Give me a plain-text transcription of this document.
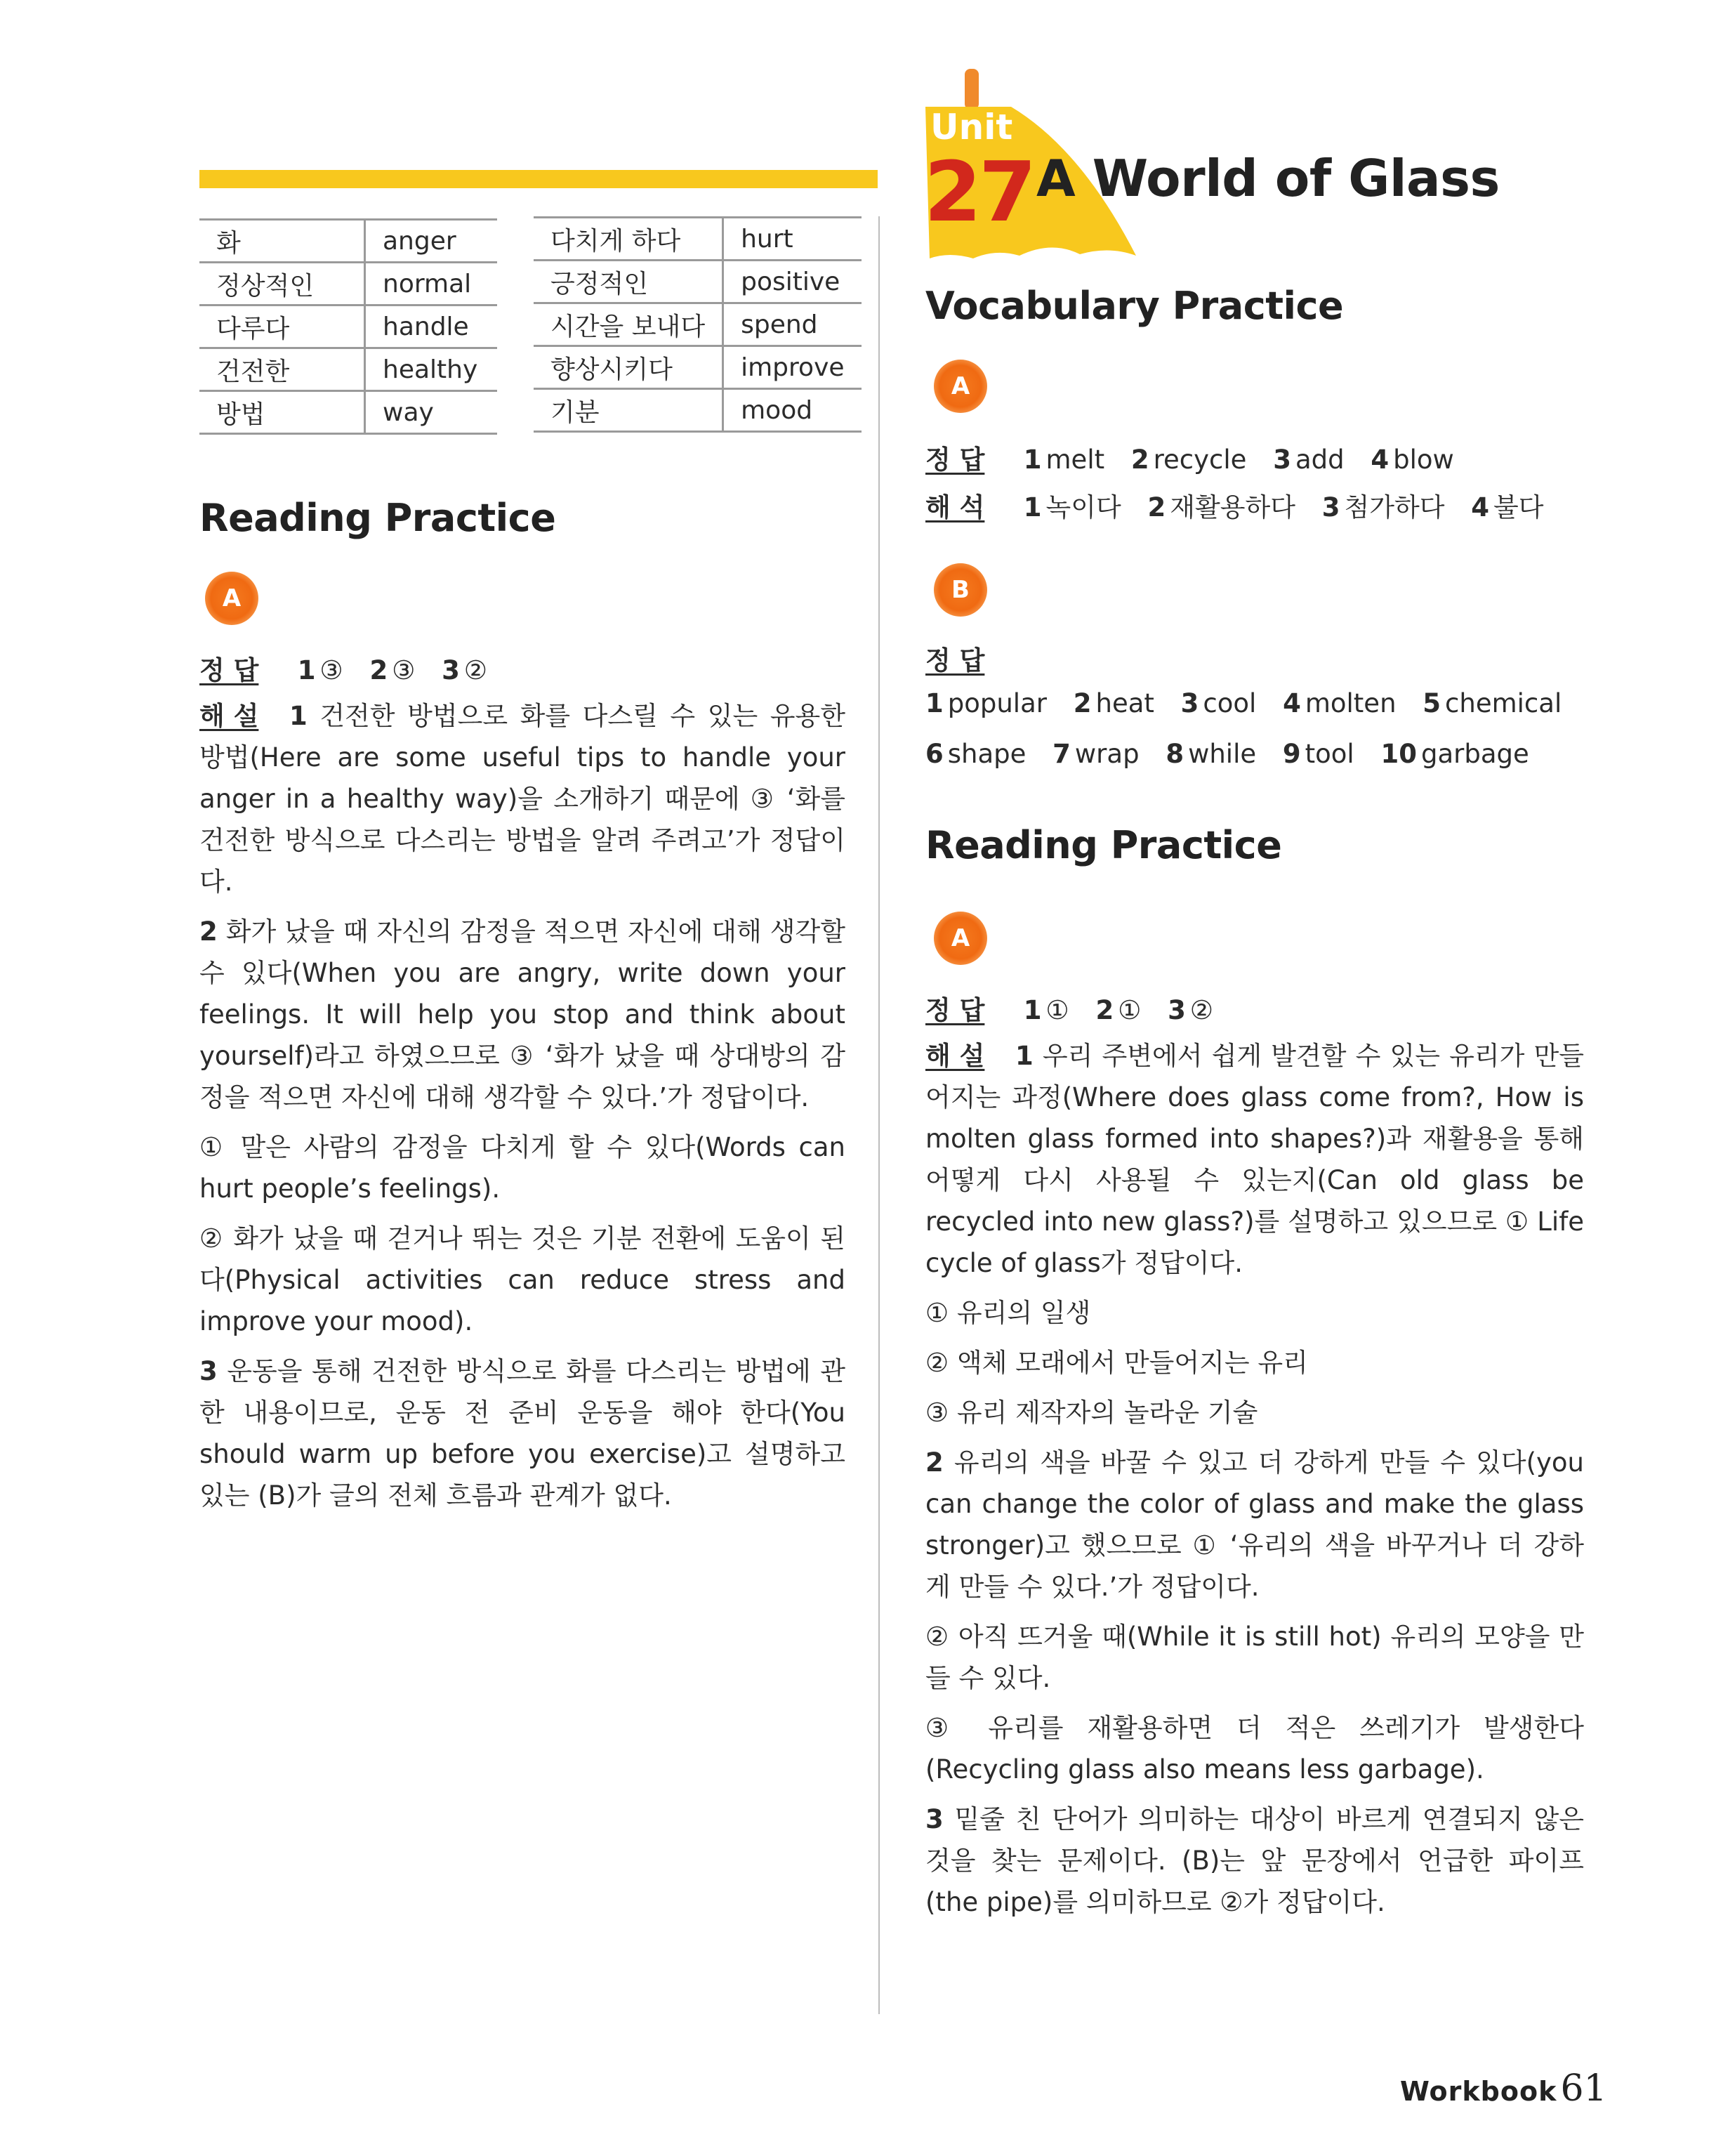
Unit
27 A World of Glass
화	anger
정상적인	normal
다루다	handle
건전한	healthy
방법	way
다치게 하다	hurt
긍정적인	positive
시간을 보내다	spend
향상시키다	improve
기분	mood
Reading Practice
A
정 답 1 ③ 2 ③ 3 ②

해 설 1 건전한 방법으로 화를 다스릴 수 있는 유용한 방법(Here are some useful tips to handle your anger in a healthy way)을 소개하기 때문에 ③ ‘화를 건전한 방식으로 다스리는 방법을 알려 주려고’가 정답이다.

2 화가 났을 때 자신의 감정을 적으면 자신에 대해 생각할 수 있다(When you are angry, write down your feelings. It will help you stop and think about yourself)라고 하였으므로 ③ ‘화가 났을 때 상대방의 감정을 적으면 자신에 대해 생각할 수 있다.’가 정답이다.

① 말은 사람의 감정을 다치게 할 수 있다(Words can hurt people’s feelings).

② 화가 났을 때 걷거나 뛰는 것은 기분 전환에 도움이 된다(Physical activities can reduce stress and improve your mood).

3 운동을 통해 건전한 방식으로 화를 다스리는 방법에 관한 내용이므로, 운동 전 준비 운동을 해야 한다(You should warm up before you exercise)고 설명하고 있는 (B)가 글의 전체 흐름과 관계가 없다.

Vocabulary Practice
A
정 답 1 melt 2 recycle 3 add 4 blow
해 석 1 녹이다 2 재활용하다 3 첨가하다 4 불다
B
정 답
1 popular 2 heat 3 cool 4 molten 5 chemical
6 shape 7 wrap 8 while 9 tool 10 garbage
Reading Practice
A
정 답 1 ① 2 ① 3 ②

해 설 1 우리 주변에서 쉽게 발견할 수 있는 유리가 만들어지는 과정(Where does glass come from?, How is molten glass formed into shapes?)과 재활용을 통해 어떻게 다시 사용될 수 있는지(Can old glass be recycled into new glass?)를 설명하고 있으므로 ① Life cycle of glass가 정답이다.

① 유리의 일생

② 액체 모래에서 만들어지는 유리

③ 유리 제작자의 놀라운 기술

2 유리의 색을 바꿀 수 있고 더 강하게 만들 수 있다(you can change the color of glass and make the glass stronger)고 했으므로 ① ‘유리의 색을 바꾸거나 더 강하게 만들 수 있다.’가 정답이다.

② 아직 뜨거울 때(While it is still hot) 유리의 모양을 만들 수 있다.

③ 유리를 재활용하면 더 적은 쓰레기가 발생한다(Recycling glass also means less garbage).

3 밑줄 친 단어가 의미하는 대상이 바르게 연결되지 않은 것을 찾는 문제이다. (B)는 앞 문장에서 언급한 파이프(the pipe)를 의미하므로 ②가 정답이다.

Workbook 61
